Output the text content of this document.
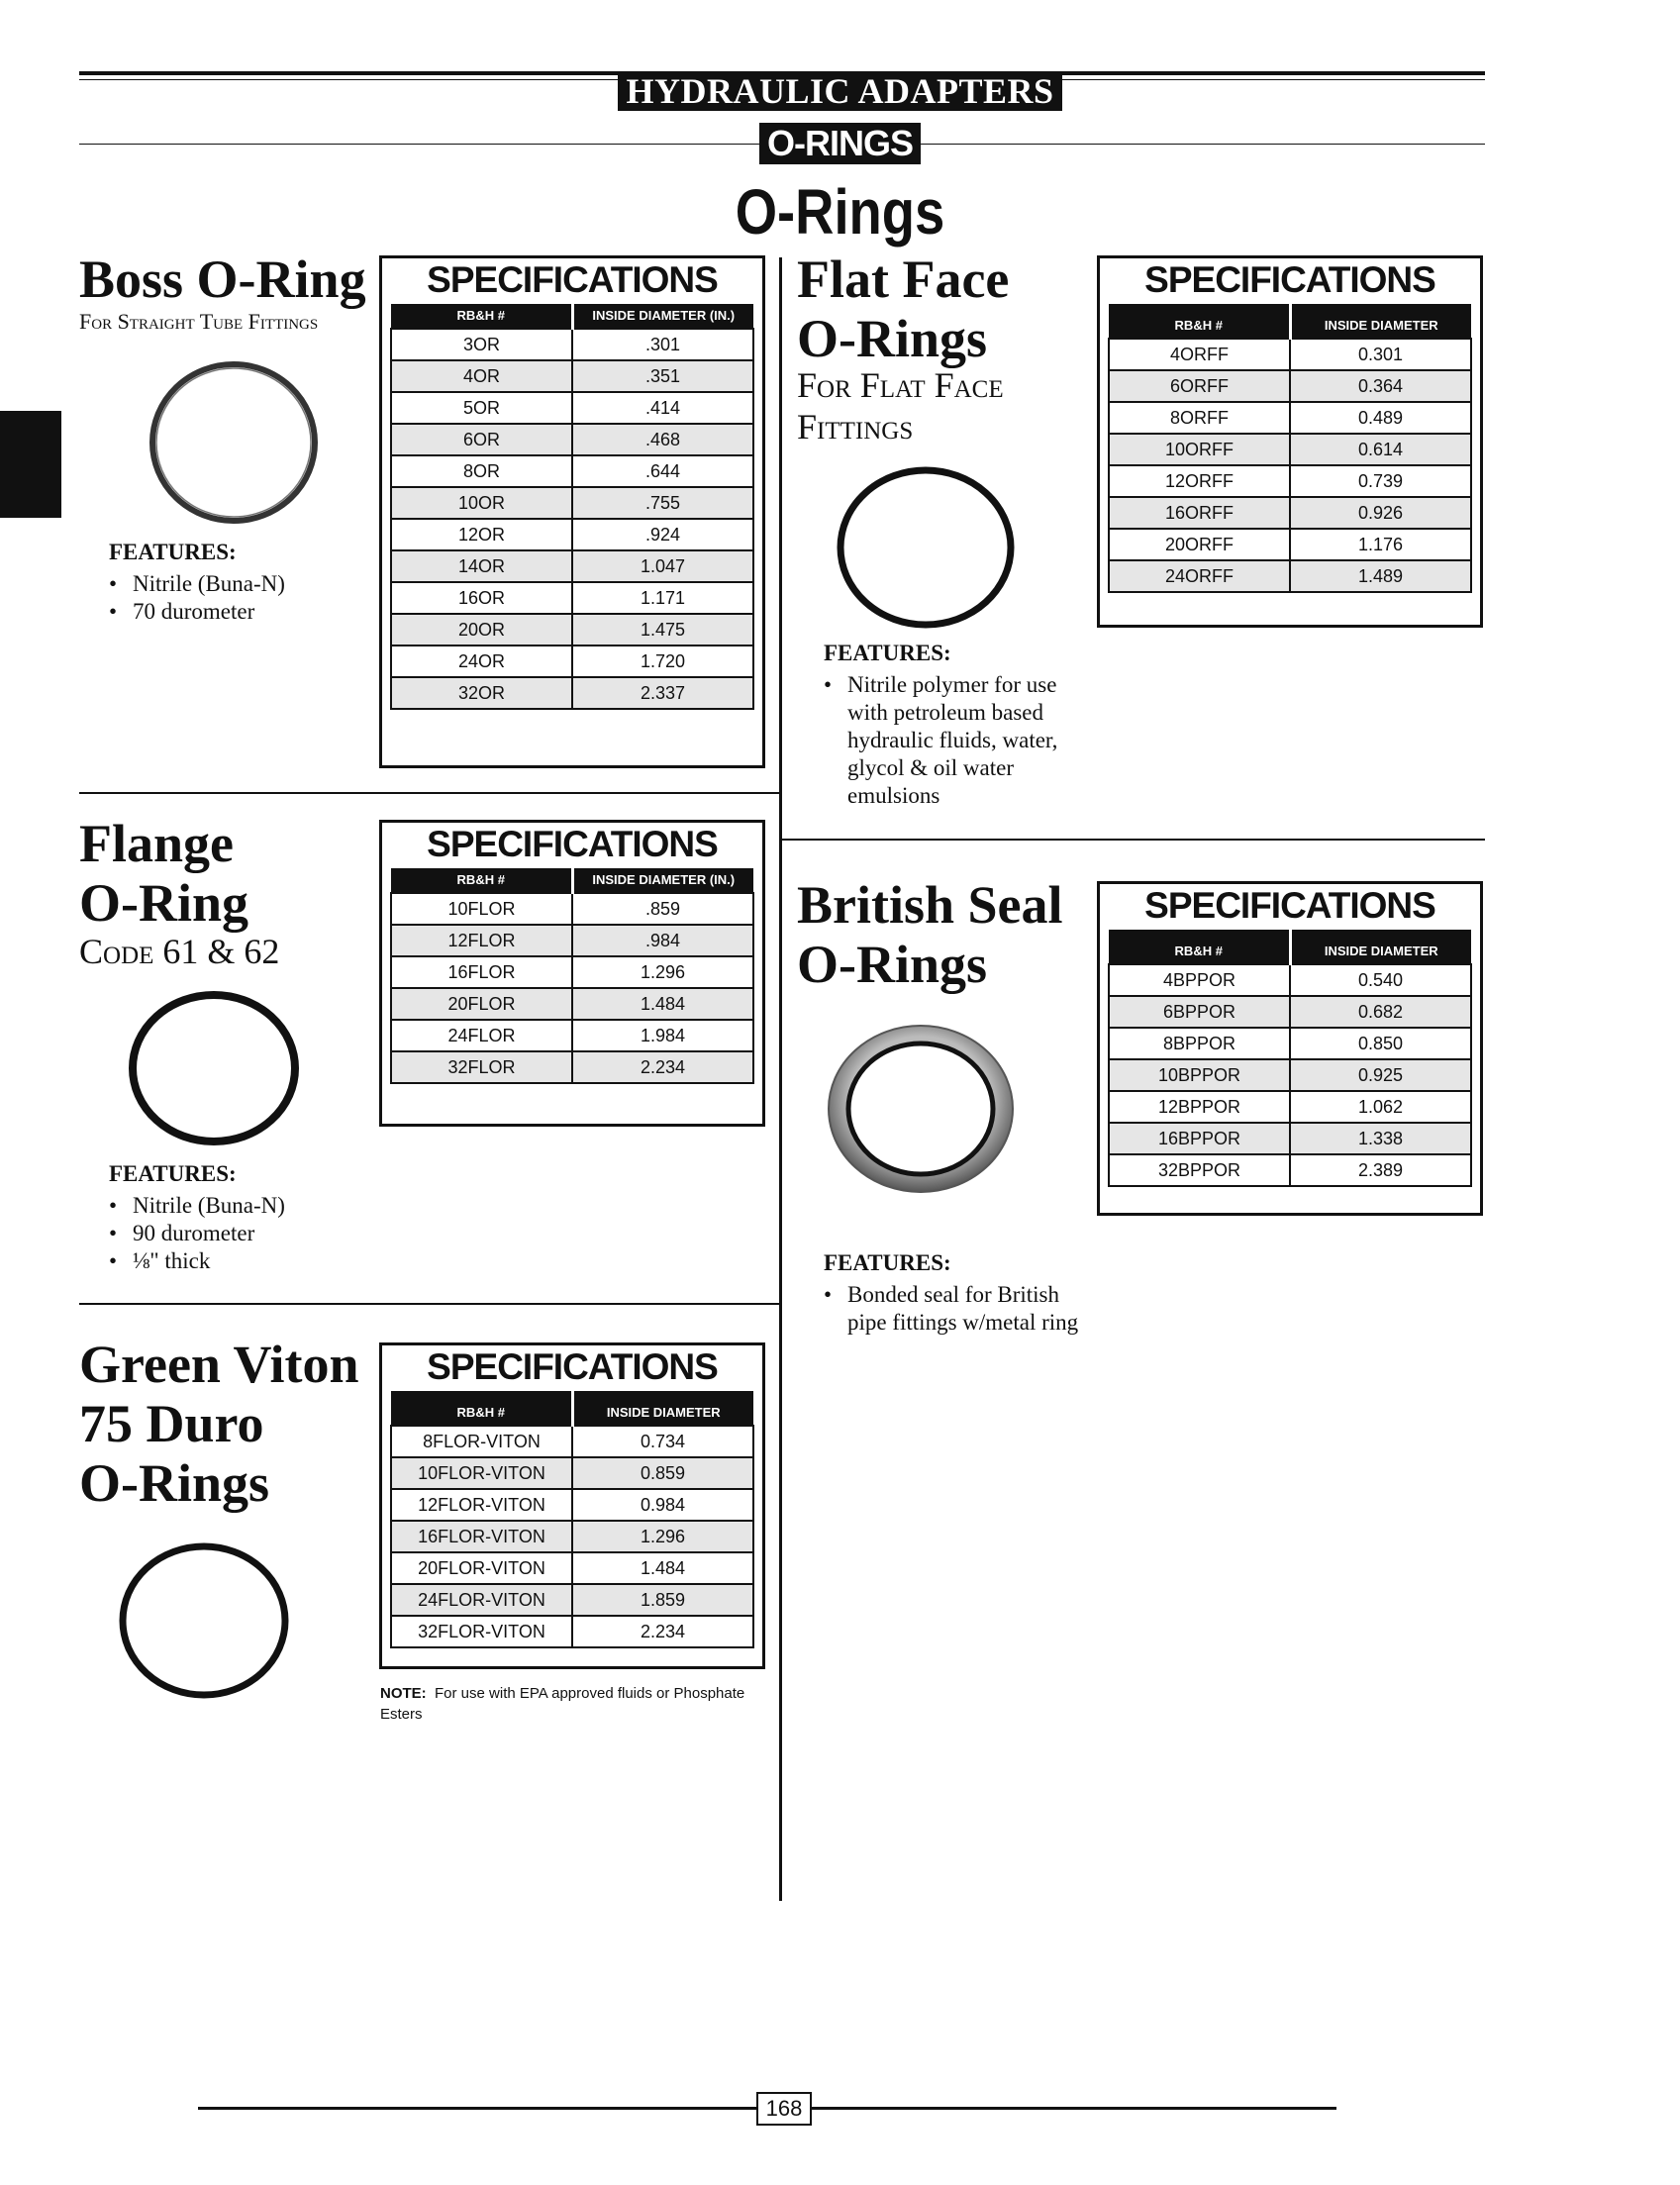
HYDRAULIC ADAPTERS
O-RINGS
O-Rings
Boss O-Ring
For Straight Tube Fittings
FEATURES:
• Nitrile (Buna-N)
• 70 durometer
SPECIFICATIONS
RB&H #	INSIDE DIAMETER (IN.)
3OR	.301
4OR	.351
5OR	.414
6OR	.468
8OR	.644
10OR	.755
12OR	.924
14OR	1.047
16OR	1.171
20OR	1.475
24OR	1.720
32OR	2.337
Flange
O-Ring
Code 61 & 62
FEATURES:
• Nitrile (Buna-N)
• 90 durometer
• ⅛" thick
SPECIFICATIONS
RB&H #	INSIDE DIAMETER (IN.)
10FLOR	.859
12FLOR	.984
16FLOR	1.296
20FLOR	1.484
24FLOR	1.984
32FLOR	2.234
Green Viton
75 Duro
O-Rings
SPECIFICATIONS
RB&H #	INSIDE DIAMETER
8FLOR-VITON	0.734
10FLOR-VITON	0.859
12FLOR-VITON	0.984
16FLOR-VITON	1.296
20FLOR-VITON	1.484
24FLOR-VITON	1.859
32FLOR-VITON	2.234
NOTE: For use with EPA approved fluids or Phosphate Esters
Flat Face
O-Rings
For Flat Face
Fittings
FEATURES:
• Nitrile polymer for use with petroleum based hydraulic fluids, water, glycol & oil water emulsions
SPECIFICATIONS
RB&H #	INSIDE DIAMETER
4ORFF	0.301
6ORFF	0.364
8ORFF	0.489
10ORFF	0.614
12ORFF	0.739
16ORFF	0.926
20ORFF	1.176
24ORFF	1.489
British Seal
O-Rings
FEATURES:
• Bonded seal for British pipe fittings w/metal ring
SPECIFICATIONS
RB&H #	INSIDE DIAMETER
4BPPOR	0.540
6BPPOR	0.682
8BPPOR	0.850
10BPPOR	0.925
12BPPOR	1.062
16BPPOR	1.338
32BPPOR	2.389
168
